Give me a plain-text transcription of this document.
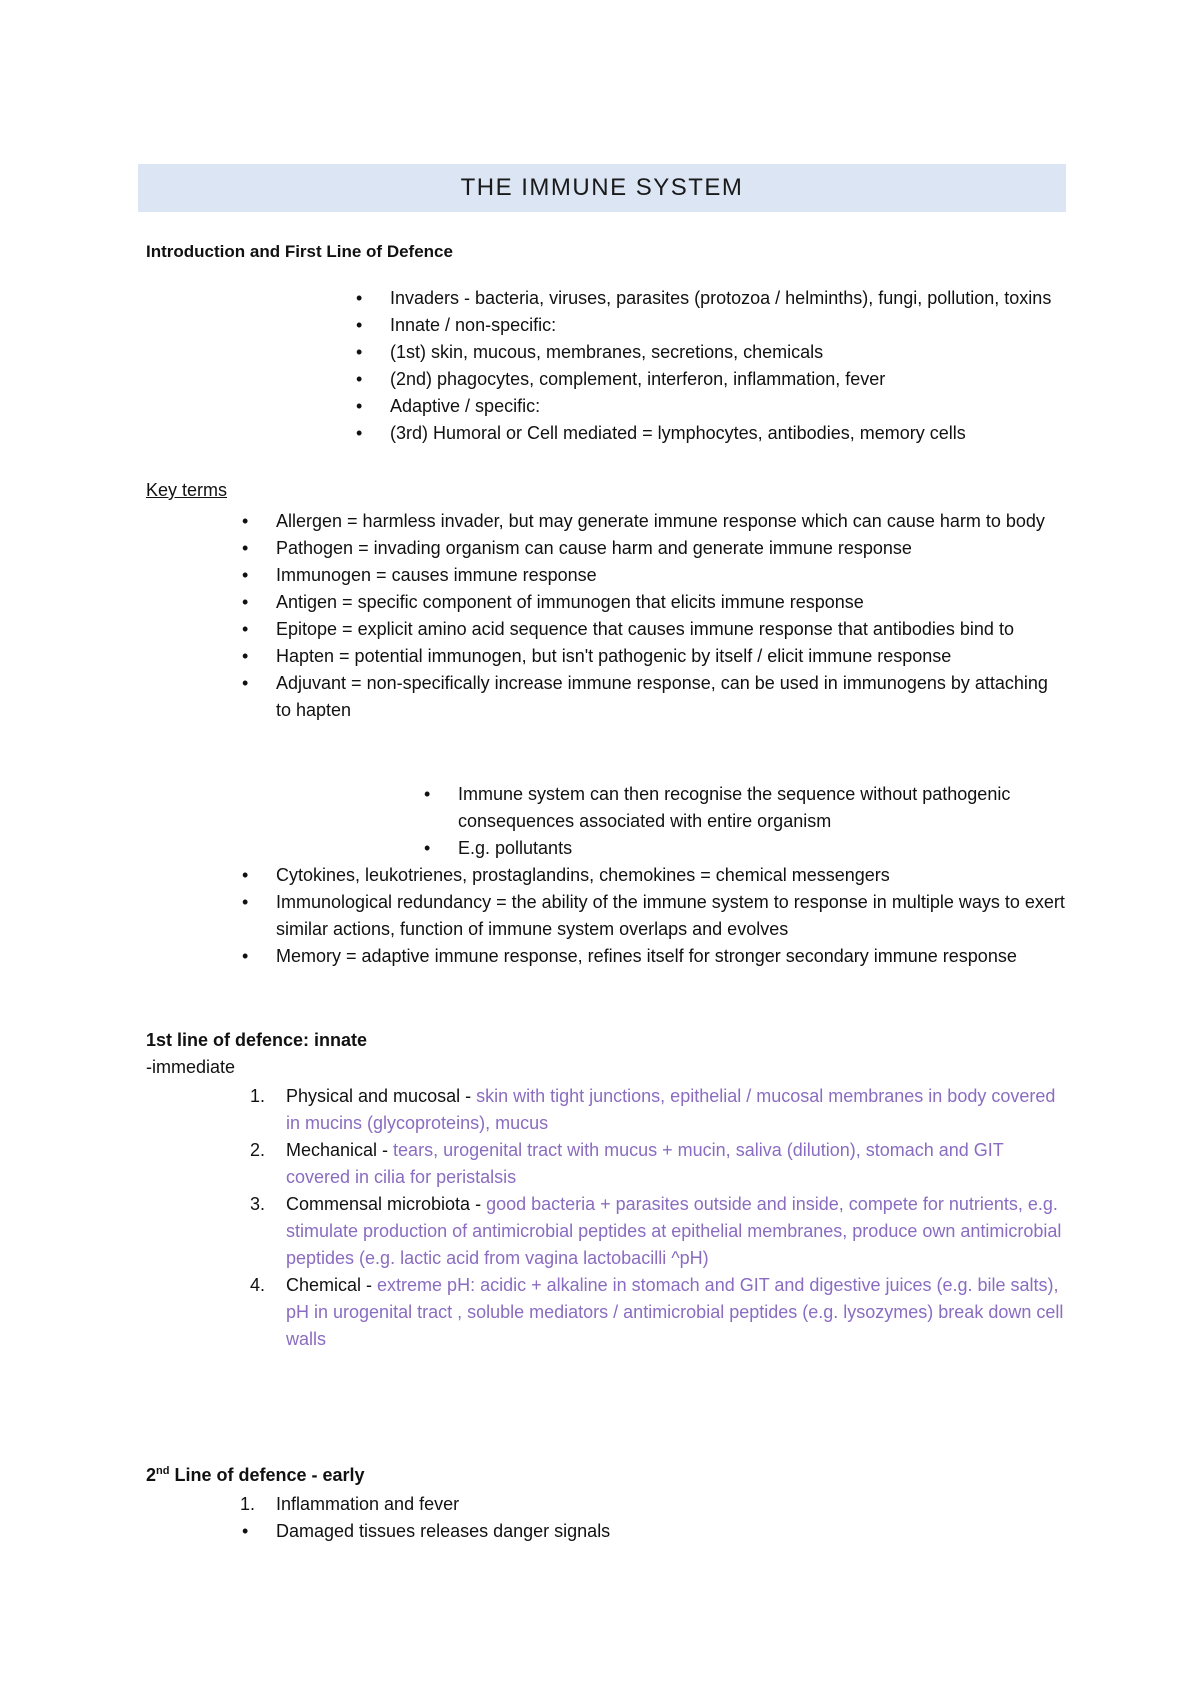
THE IMMUNE SYSTEM
Introduction and First Line of Defence
• Invaders - bacteria, viruses, parasites (protozoa / helminths), fungi, pollution, toxins
• Innate / non-specific:
• (1st) skin, mucous, membranes, secretions, chemicals
• (2nd) phagocytes, complement, interferon, inflammation, fever
• Adaptive / specific:
• (3rd) Humoral or Cell mediated = lymphocytes, antibodies, memory cells
Key terms
• Allergen = harmless invader, but may generate immune response which can cause harm to body
• Pathogen = invading organism can cause harm and generate immune response
• Immunogen = causes immune response
• Antigen = specific component of immunogen that elicits immune response
• Epitope = explicit amino acid sequence that causes immune response that antibodies bind to
• Hapten = potential immunogen, but isn't pathogenic by itself / elicit immune response
• Adjuvant = non-specifically increase immune response, can be used in immunogens by attaching to hapten
• Immune system can then recognise the sequence without pathogenic consequences associated with entire organism
• E.g. pollutants
• Cytokines, leukotrienes, prostaglandins, chemokines = chemical messengers
• Immunological redundancy = the ability of the immune system to response in multiple ways to exert similar actions, function of immune system overlaps and evolves
• Memory = adaptive immune response, refines itself for stronger secondary immune response
1st line of defence: innate
-immediate
1. Physical and mucosal - skin with tight junctions, epithelial / mucosal membranes in body covered in mucins (glycoproteins), mucus
2. Mechanical - tears, urogenital tract with mucus + mucin, saliva (dilution), stomach and GIT covered in cilia for peristalsis
3. Commensal microbiota - good bacteria + parasites outside and inside, compete for nutrients, e.g. stimulate production of antimicrobial peptides at epithelial membranes, produce own antimicrobial peptides (e.g. lactic acid from vagina lactobacilli ^pH)
4. Chemical - extreme pH: acidic + alkaline in stomach and GIT and digestive juices (e.g. bile salts), pH in urogenital tract , soluble mediators / antimicrobial peptides (e.g. lysozymes) break down cell walls
2nd Line of defence - early
1. Inflammation and fever
• Damaged tissues releases danger signals
